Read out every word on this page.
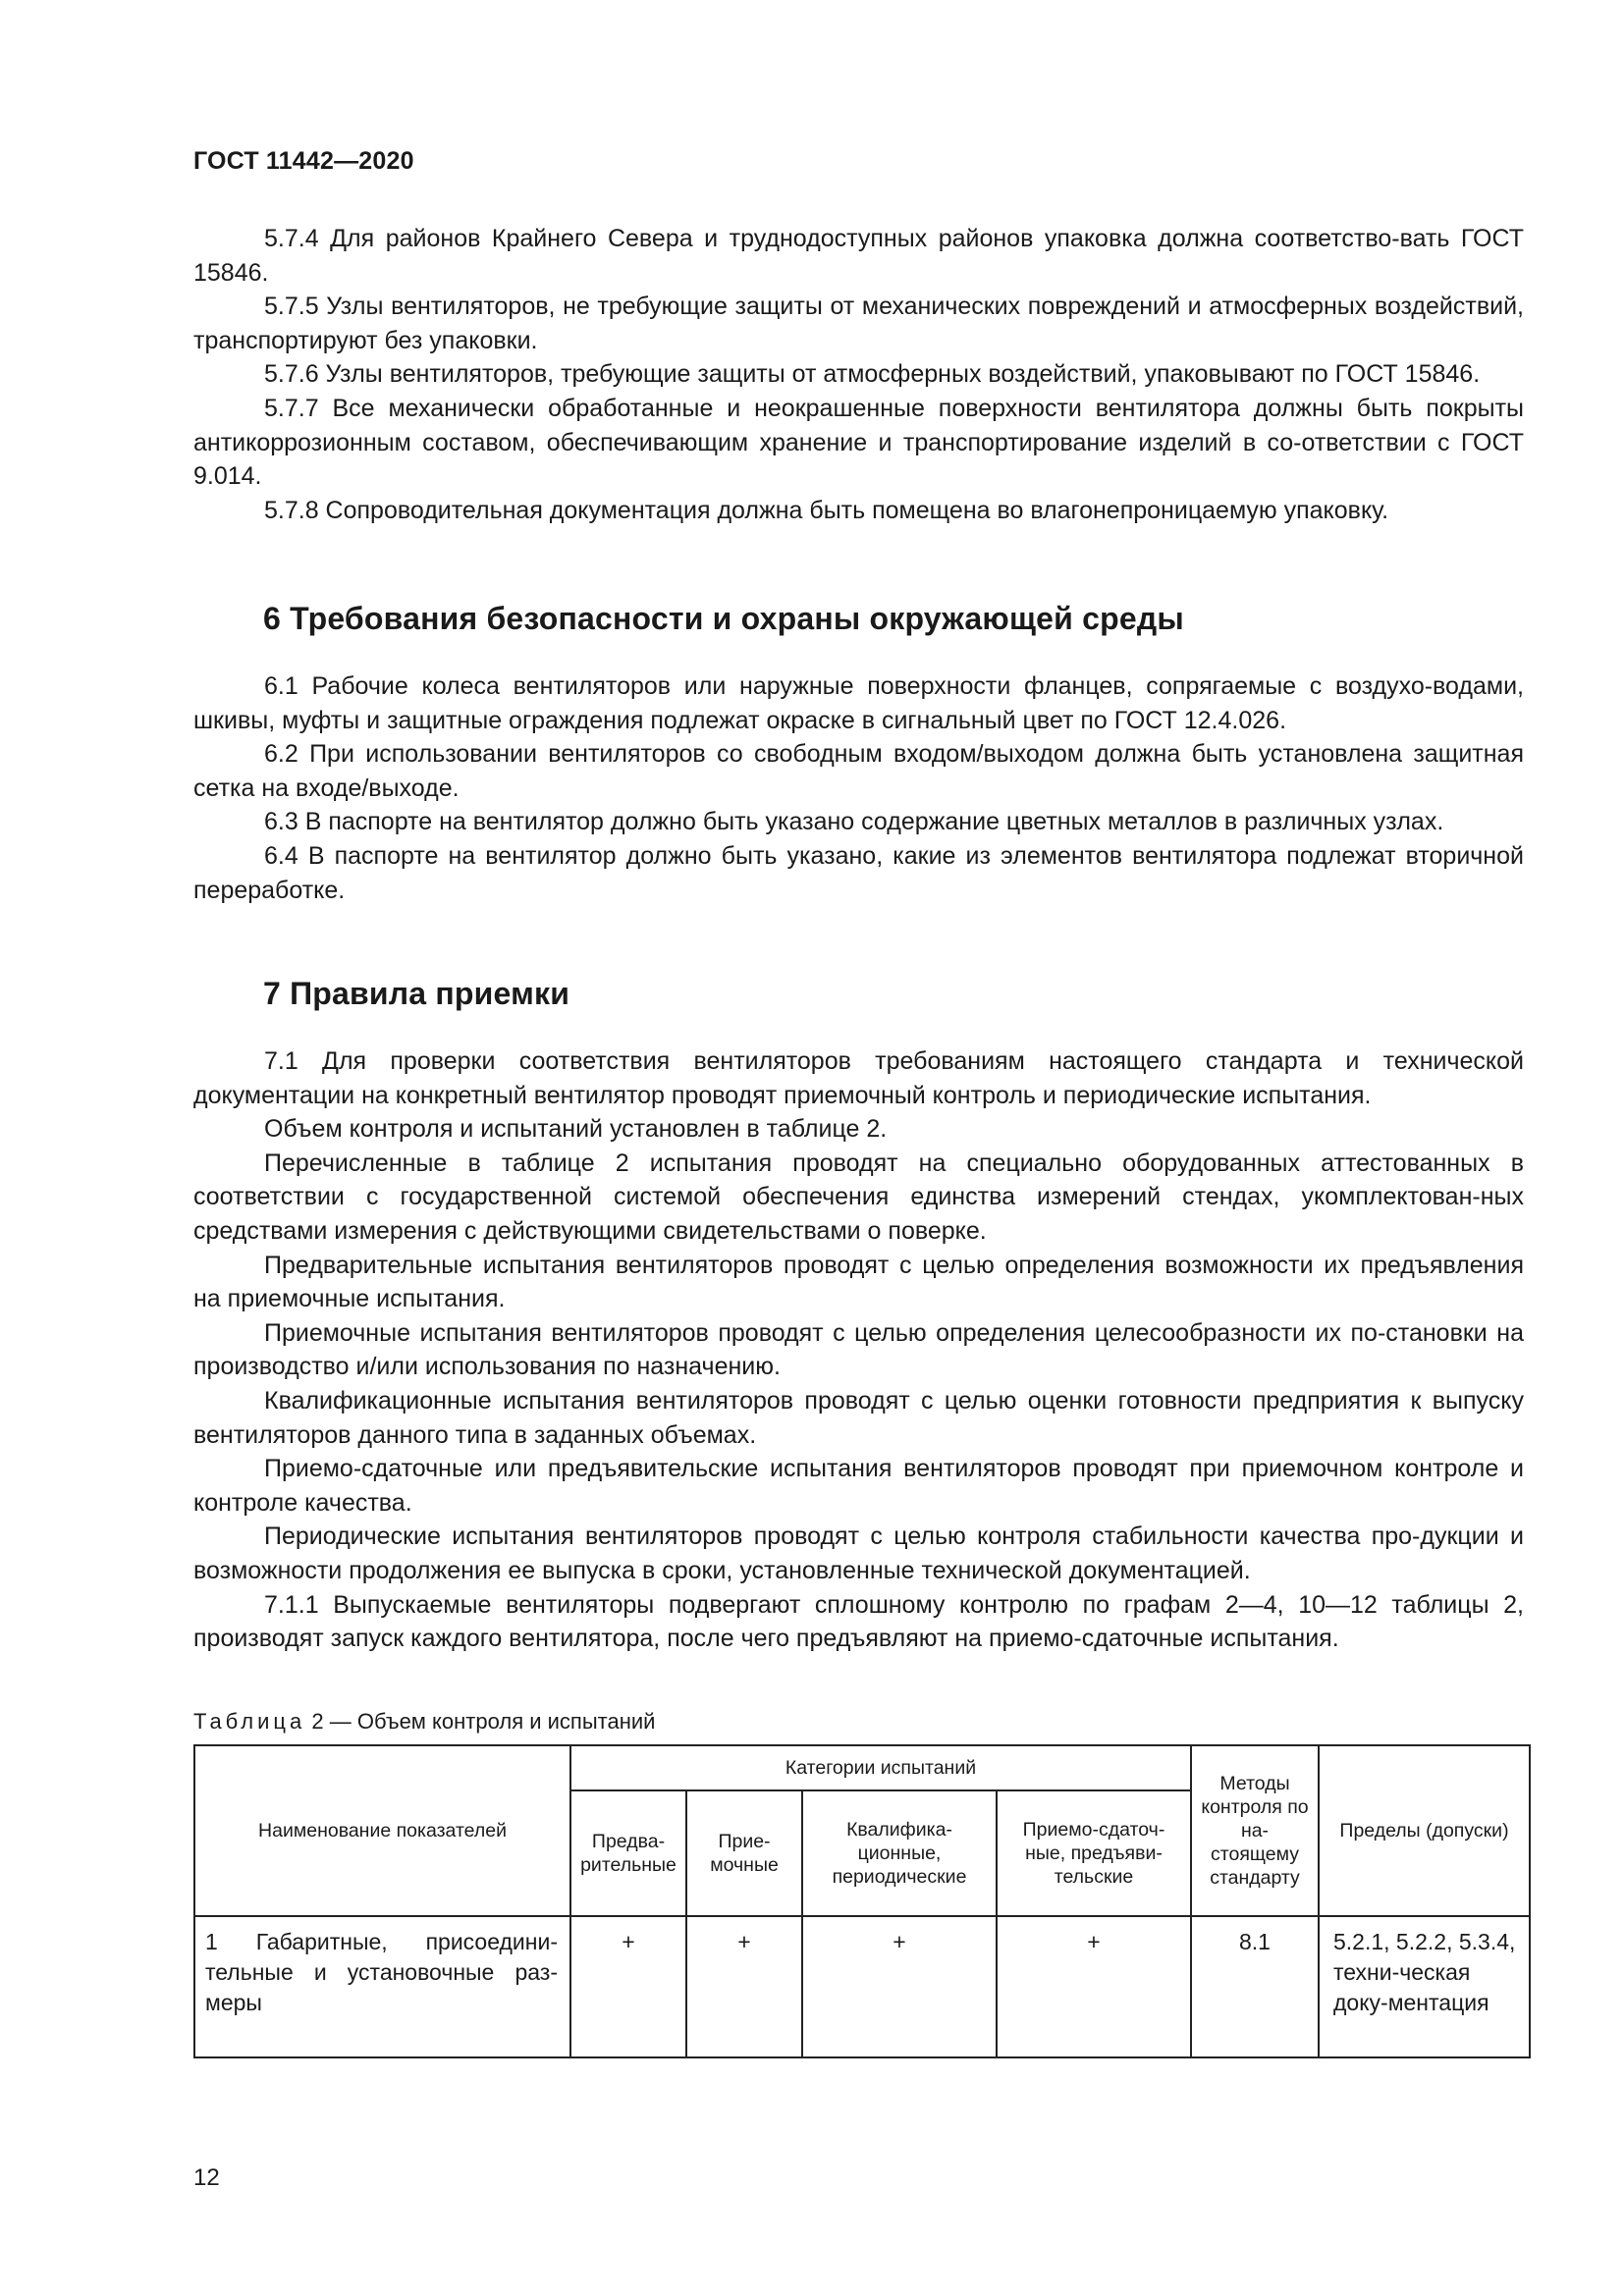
ГОСТ 11442—2020

5.7.4 Для районов Крайнего Севера и труднодоступных районов упаковка должна соответство-вать ГОСТ 15846.

5.7.5 Узлы вентиляторов, не требующие защиты от механических повреждений и атмосферных воздействий, транспортируют без упаковки.

5.7.6 Узлы вентиляторов, требующие защиты от атмосферных воздействий, упаковывают по ГОСТ 15846.

5.7.7 Все механически обработанные и неокрашенные поверхности вентилятора должны быть покрыты антикоррозионным составом, обеспечивающим хранение и транспортирование изделий в со-ответствии с ГОСТ 9.014.

5.7.8 Сопроводительная документация должна быть помещена во влагонепроницаемую упаковку.

6 Требования безопасности и охраны окружающей среды

6.1 Рабочие колеса вентиляторов или наружные поверхности фланцев, сопрягаемые с воздухо-водами, шкивы, муфты и защитные ограждения подлежат окраске в сигнальный цвет по ГОСТ 12.4.026.

6.2 При использовании вентиляторов со свободным входом/выходом должна быть установлена защитная сетка на входе/выходе.

6.3 В паспорте на вентилятор должно быть указано содержание цветных металлов в различных узлах.

6.4 В паспорте на вентилятор должно быть указано, какие из элементов вентилятора подлежат вторичной переработке.

7 Правила приемки

7.1 Для проверки соответствия вентиляторов требованиям настоящего стандарта и технической документации на конкретный вентилятор проводят приемочный контроль и периодические испытания.

Объем контроля и испытаний установлен в таблице 2.

Перечисленные в таблице 2 испытания проводят на специально оборудованных аттестованных в соответствии с государственной системой обеспечения единства измерений стендах, укомплектован-ных средствами измерения с действующими свидетельствами о поверке.

Предварительные испытания вентиляторов проводят с целью определения возможности их предъявления на приемочные испытания.

Приемочные испытания вентиляторов проводят с целью определения целесообразности их по-становки на производство и/или использования по назначению.

Квалификационные испытания вентиляторов проводят с целью оценки готовности предприятия к выпуску вентиляторов данного типа в заданных объемах.

Приемо-сдаточные или предъявительские испытания вентиляторов проводят при приемочном контроле и контроле качества.

Периодические испытания вентиляторов проводят с целью контроля стабильности качества про-дукции и возможности продолжения ее выпуска в сроки, установленные технической документацией.

7.1.1 Выпускаемые вентиляторы подвергают сплошному контролю по графам 2—4, 10—12 таблицы 2, производят запуск каждого вентилятора, после чего предъявляют на приемо-сдаточные испытания.

Таблица 2 — Объем контроля и испытаний
Наименование показателей	Категории испытаний				Методы контроля по на-стоящему стандарту	Пределы (допуски)
	Предва-рительные	Прие-мочные	Квалифика-ционные, периодические	Приемо-сдаточ-ные, предъяви-тельские		
1 Габаритные, присоедини-тельные и установочные раз-меры	+	+	+	+	8.1	5.2.1, 5.2.2, 5.3.4, техни-ческая доку-ментация
12
